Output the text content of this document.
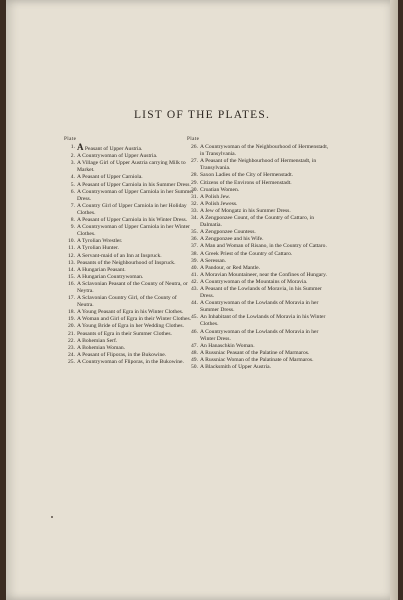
LIST OF THE PLATES.
Plate
1. A Peasant of Upper Austria.
2. A Countrywoman of Upper Austria.
3. A Village Girl of Upper Austria carrying Milk to Market.
4. A Peasant of Upper Carniola.
5. A Peasant of Upper Carniola in his Summer Dress.
6. A Countrywoman of Upper Carniola in her Summer Dress.
7. A Country Girl of Upper Carniola in her Holiday Clothes.
8. A Peasant of Upper Carniola in his Winter Dress.
9. A Countrywoman of Upper Carniola in her Winter Clothes.
10. A Tyrolian Wrestler.
11. A Tyrolian Hunter.
12. A Servant-maid of an Inn at Inspruck.
13. Peasants of the Neighbourhood of Inspruck.
14. A Hungarian Peasant.
15. A Hungarian Countrywoman.
16. A Sclavonian Peasant of the County of Neutra, or Neytra.
17. A Sclavonian Country Girl, of the County of Neutra.
18. A Young Peasant of Egra in his Winter Clothes.
19. A Woman and Girl of Egra in their Winter Clothes.
20. A Young Bride of Egra in her Wedding Clothes.
21. Peasants of Egra in their Summer Clothes.
22. A Bohemian Serf.
23. A Bohemian Woman.
24. A Peasant of Fliporas, in the Bukowine.
25. A Countrywoman of Fliporas, in the Bukowine.
Plate
26. A Countrywoman of the Neighbourhood of Hermenstadt, in Transylvania.
27. A Peasant of the Neighbourhood of Hermenstadt, in Transylvania.
28. Saxon Ladies of the City of Hermenstadt.
29. Citizens of the Environs of Hermenstadt.
30. Croatian Women.
31. A Polish Jew.
32. A Polish Jewess.
33. A Jew of Mongatz in his Summer Dress.
34. A Zengponzee Count, of the Country of Cattaro, in Dalmatia.
35. A Zengponzee Countess.
36. A Zengponzee and his Wife.
37. A Man and Woman of Risano, in the Country of Cattaro.
38. A Greek Priest of the Country of Cattaro.
39. A Seressan.
40. A Pandour, or Red Mantle.
41. A Moravian Mountaineer, near the Confines of Hungary.
42. A Countrywoman of the Mountains of Moravia.
43. A Peasant of the Lowlands of Moravia, in his Summer Dress.
44. A Countrywoman of the Lowlands of Moravia in her Summer Dress.
45. An Inhabitant of the Lowlands of Moravia in his Winter Clothes.
46. A Countrywoman of the Lowlands of Moravia in her Winter Dress.
47. An Hanaschkin Woman.
48. A Russniac Peasant of the Palatine of Marmaros.
49. A Russniac Woman of the Palatinate of Marmaros.
50. A Blacksmith of Upper Austria.
